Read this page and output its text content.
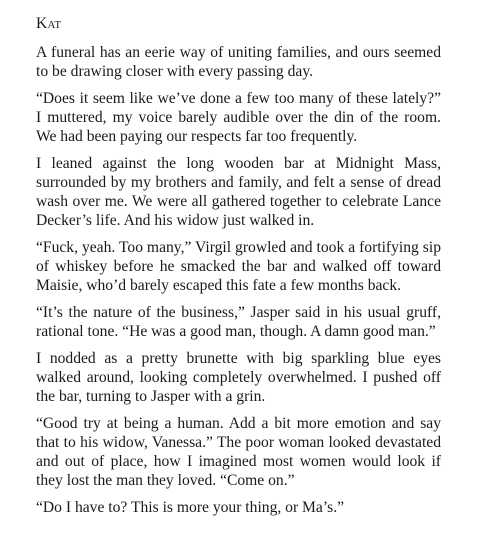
Kat

A funeral has an eerie way of uniting families, and ours seemed to be drawing closer with every passing day.

“Does it seem like we’ve done a few too many of these lately?” I muttered, my voice barely audible over the din of the room. We had been paying our respects far too frequently.

I leaned against the long wooden bar at Midnight Mass, surrounded by my brothers and family, and felt a sense of dread wash over me. We were all gathered together to celebrate Lance Decker’s life. And his widow just walked in.

“Fuck, yeah. Too many,” Virgil growled and took a fortifying sip of whiskey before he smacked the bar and walked off toward Maisie, who’d barely escaped this fate a few months back.

“It’s the nature of the business,” Jasper said in his usual gruff, rational tone. “He was a good man, though. A damn good man.”

I nodded as a pretty brunette with big sparkling blue eyes walked around, looking completely overwhelmed. I pushed off the bar, turning to Jasper with a grin.

“Good try at being a human. Add a bit more emotion and say that to his widow, Vanessa.” The poor woman looked devastated and out of place, how I imagined most women would look if they lost the man they loved. “Come on.”

“Do I have to? This is more your thing, or Ma’s.”
